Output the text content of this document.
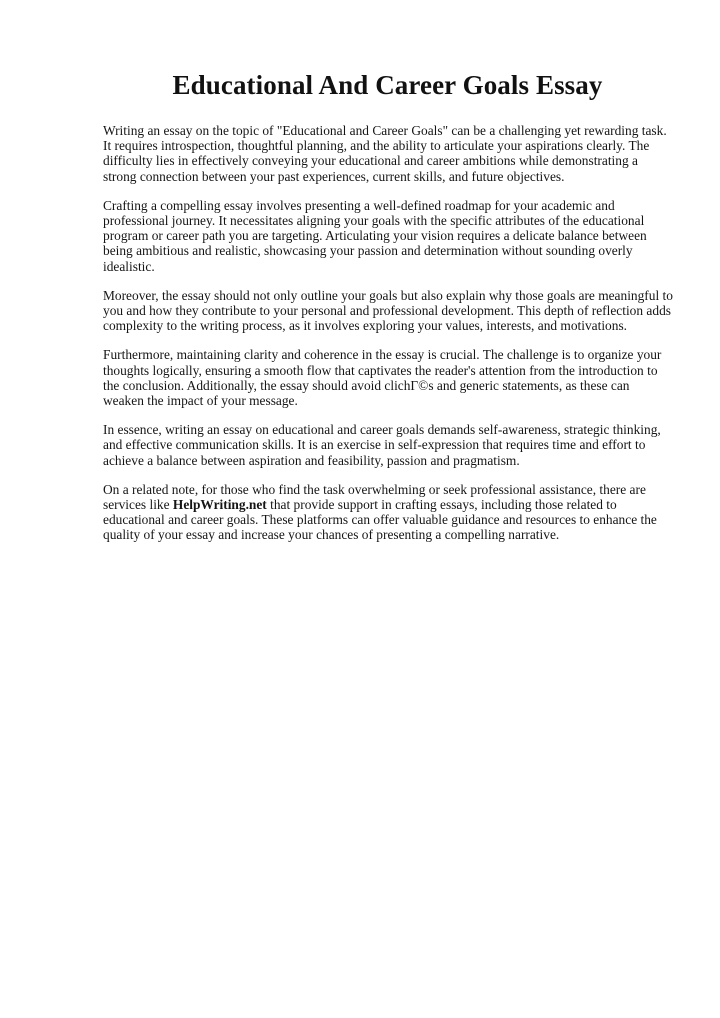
Educational And Career Goals Essay

Writing an essay on the topic of "Educational and Career Goals" can be a challenging yet rewarding task. It requires introspection, thoughtful planning, and the ability to articulate your aspirations clearly. The difficulty lies in effectively conveying your educational and career ambitions while demonstrating a strong connection between your past experiences, current skills, and future objectives.

Crafting a compelling essay involves presenting a well-defined roadmap for your academic and professional journey. It necessitates aligning your goals with the specific attributes of the educational program or career path you are targeting. Articulating your vision requires a delicate balance between being ambitious and realistic, showcasing your passion and determination without sounding overly idealistic.

Moreover, the essay should not only outline your goals but also explain why those goals are meaningful to you and how they contribute to your personal and professional development. This depth of reflection adds complexity to the writing process, as it involves exploring your values, interests, and motivations.

Furthermore, maintaining clarity and coherence in the essay is crucial. The challenge is to organize your thoughts logically, ensuring a smooth flow that captivates the reader's attention from the introduction to the conclusion. Additionally, the essay should avoid clichГ©s and generic statements, as these can weaken the impact of your message.

In essence, writing an essay on educational and career goals demands self-awareness, strategic thinking, and effective communication skills. It is an exercise in self-expression that requires time and effort to achieve a balance between aspiration and feasibility, passion and pragmatism.

On a related note, for those who find the task overwhelming or seek professional assistance, there are services like HelpWriting.net that provide support in crafting essays, including those related to educational and career goals. These platforms can offer valuable guidance and resources to enhance the quality of your essay and increase your chances of presenting a compelling narrative.
